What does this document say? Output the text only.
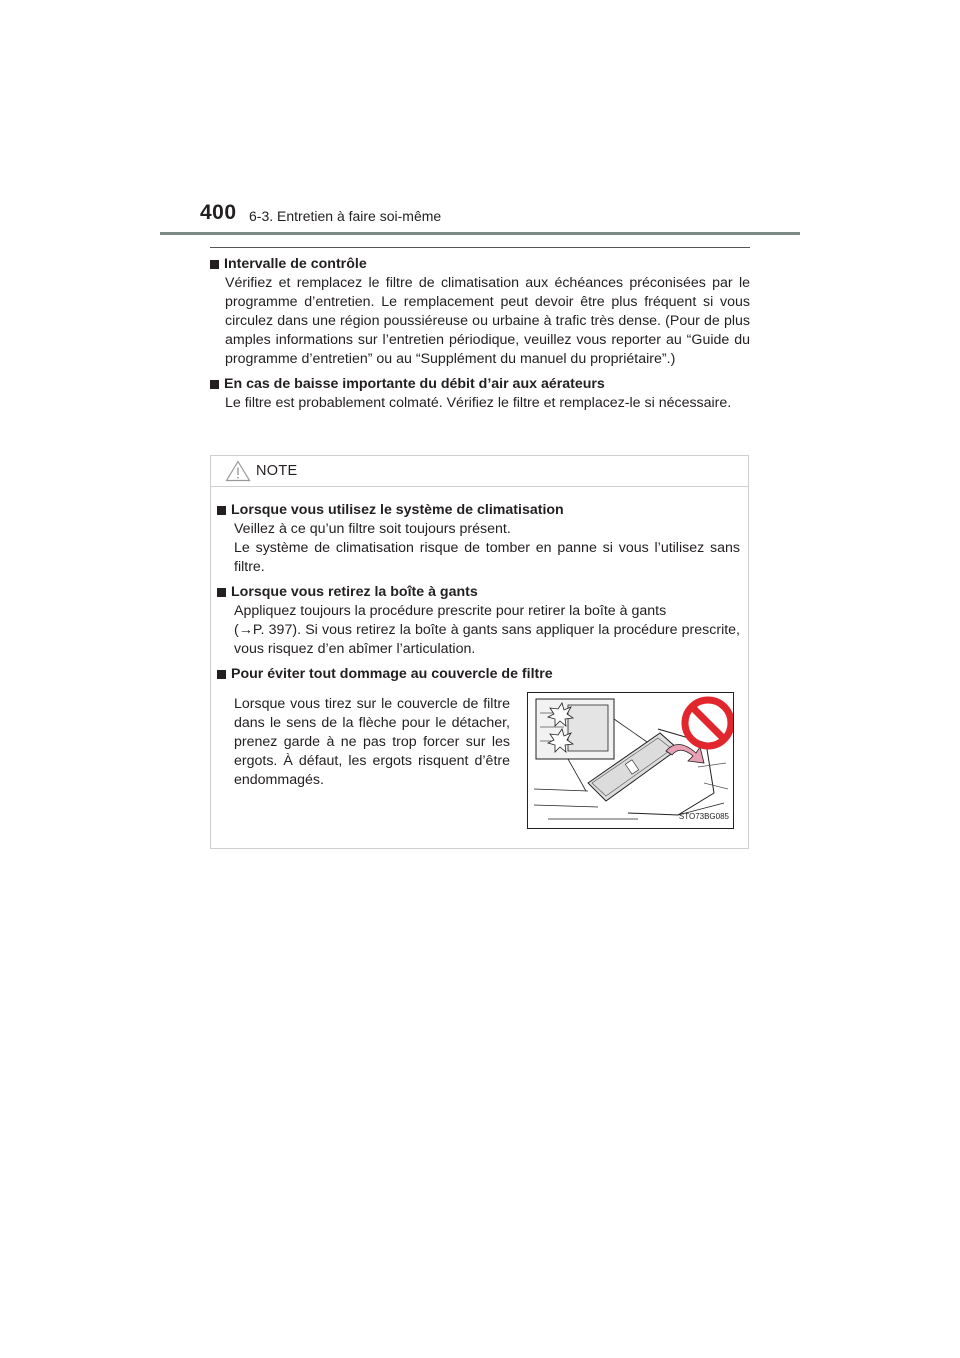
400 6-3. Entretien à faire soi-même
Intervalle de contrôle
Vérifiez et remplacez le filtre de climatisation aux échéances préconisées par le programme d’entretien. Le remplacement peut devoir être plus fréquent si vous circulez dans une région poussiéreuse ou urbaine à trafic très dense. (Pour de plus amples informations sur l’entretien périodique, veuillez vous reporter au “Guide du programme d’entretien” ou au “Supplément du manuel du propriétaire”.)
En cas de baisse importante du débit d’air aux aérateurs
Le filtre est probablement colmaté. Vérifiez le filtre et remplacez-le si nécessaire.
NOTE
Lorsque vous utilisez le système de climatisation

Veillez à ce qu’un filtre soit toujours présent.

Le système de climatisation risque de tomber en panne si vous l’utilisez sans filtre.

Lorsque vous retirez la boîte à gants

Appliquez toujours la procédure prescrite pour retirer la boîte à gants

(→P. 397). Si vous retirez la boîte à gants sans appliquer la procédure prescrite, vous risquez d’en abîmer l’articulation.

Pour éviter tout dommage au couvercle de filtre
Lorsque vous tirez sur le couvercle de filtre dans le sens de la flèche pour le détacher, prenez garde à ne pas trop forcer sur les ergots. À défaut, les ergots risquent d’être endommagés.
STO73BG085
